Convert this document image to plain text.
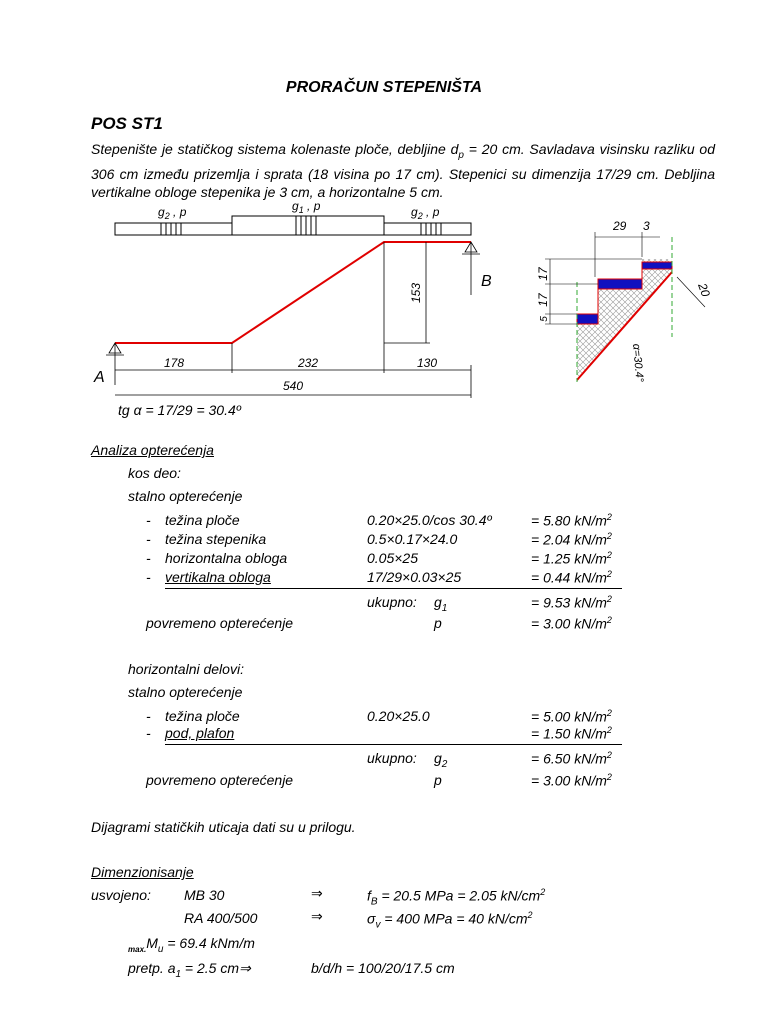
PRORAČUN STEPENIŠTA
POS ST1
Stepenište je statičkog sistema kolenaste ploče, debljine $d_p = 20$ cm. Savladava visinsku razliku od 306 cm između prizemlja i sprata (18 visina po 17 cm). Stepenici su dimenzija 17/29 cm. Debljina vertikalne obloge stepenika je 3 cm, a horizontalne 5 cm.
$g_2$ , p	$g_1$ , p	$g_2$ , p
A
B
178	232	130
540
153
tg α = 17/29 = 30.4º
29 3
17
17
5
20
α=30.4°
Analiza opterećenja
kos deo:
stalno opterećenje
- težina ploče	0.20×25.0/cos 30.4º	= 5.80 $kN/m^2$
- težina stepenika	0.5×0.17×24.0	= 2.04 $kN/m^2$
- horizontalna obloga	0.05×25	= 1.25 $kN/m^2$
- vertikalna obloga	17/29×0.03×25	= 0.44 $kN/m^2$
ukupno: $g_1$	= 9.53 $kN/m^2$
povremeno opterećenje	p	= 3.00 $kN/m^2$
horizontalni delovi:
stalno opterećenje
- težina ploče	0.20×25.0	= 5.00 $kN/m^2$
- pod, plafon	= 1.50 $kN/m^2$
ukupno: $g_2$	= 6.50 $kN/m^2$
povremeno opterećenje	p	= 3.00 $kN/m^2$
Dijagrami statičkih uticaja dati su u prilogu.
Dimenzionisanje
usvojeno: MB 30	⇒	$f_B = 20.5$ MPa = 2.05 $kN/cm^2$
RA 400/500	⇒	$\sigma_v = 400$ MPa = 40 $kN/cm^2$
$_{max.}M_u = 69.4$ kNm/m
pretp. $a_1 = 2.5$ cm⇒	b/d/h = 100/20/17.5 cm
